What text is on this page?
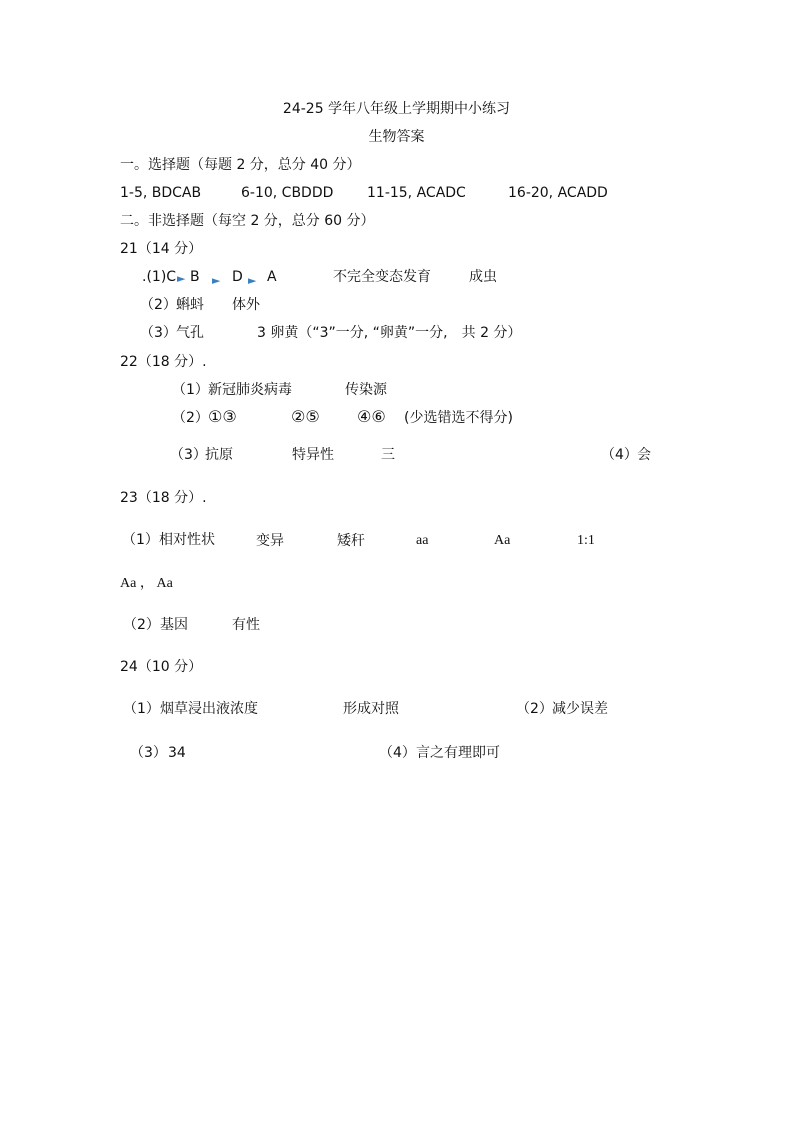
24-25 学年八年级上学期期中小练习
生物答案
一。选择题（每题 2 分，总分 40 分）
1-5, BDCAB	6-10, CBDDD 11-15, ACADC	16-20, ACADD
二。非选择题（每空 2 分，总分 60 分）
21（14 分）
.(1)C ► B ► D ► A	不完全变态发育	成虫
（2） 蝌蚪 体外
（3） 气孔	3 卵黄（“3”一分, “卵黄”一分,　共 2 分）
22（18 分）.
（1） 新冠肺炎病毒	传染源
（2） ①③	②⑤ ④⑥ (少选错选不得分)
（3）
抗原	特异性	三	（4） 会
23（18 分）.
（1） 相对性状	变异	矮秆	aa	Aa	1:1
Aa ， Aa
（2） 基因	有性
24（10 分）
（1） 烟草浸出液浓度	形成对照	（2） 减少误差
（3） 34	（4） 言之有理即可
